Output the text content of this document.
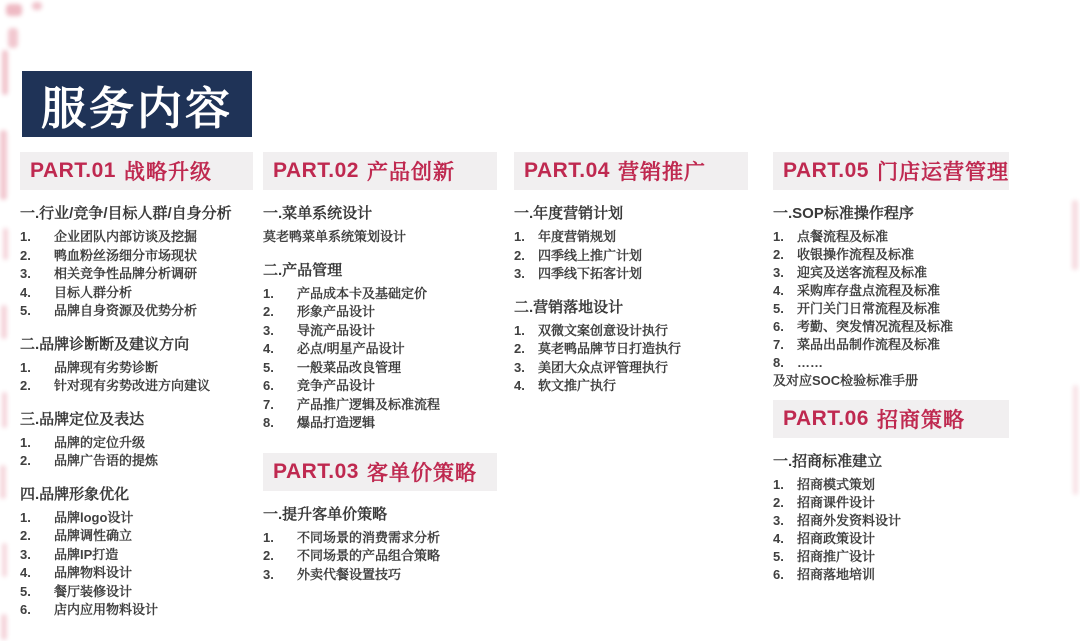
服务内容
PART.01 战略升级
一.行业/竞争/目标人群/自身分析
1.	企业团队内部访谈及挖掘
2.	鸭血粉丝汤细分市场现状
3.	相关竞争性品牌分析调研
4.	目标人群分析
5.	品牌自身资源及优势分析
二.品牌诊断断及建议方向
1.	品牌现有劣势诊断
2.	针对现有劣势改进方向建议
三.品牌定位及表达
1.	品牌的定位升级
2.	品牌广告语的提炼
四.品牌形象优化
1.	品牌logo设计
2.	品牌调性确立
3.	品牌IP打造
4.	品牌物料设计
5.	餐厅装修设计
6.	店内应用物料设计
PART.02 产品创新
一.菜单系统设计
莫老鸭菜单系统策划设计
二.产品管理
1.	产品成本卡及基础定价
2.	形象产品设计
3.	导流产品设计
4.	必点/明星产品设计
5.	一般菜品改良管理
6.	竞争产品设计
7.	产品推广逻辑及标准流程
8.	爆品打造逻辑
PART.03 客单价策略
一.提升客单价策略
1.	不同场景的消费需求分析
2.	不同场景的产品组合策略
3.	外卖代餐设置技巧
PART.04 营销推广
一.年度营销计划
1.	年度营销规划
2.	四季线上推广计划
3.	四季线下拓客计划
二.营销落地设计
1.	双微文案创意设计执行
2.	莫老鸭品牌节日打造执行
3.	美团大众点评管理执行
4.	软文推广执行
PART.05 门店运营管理
一.SOP标准操作程序
1.	点餐流程及标准
2.	收银操作流程及标准
3.	迎宾及送客流程及标准
4.	采购库存盘点流程及标准
5.	开门关门日常流程及标准
6.	考勤、突发情况流程及标准
7.	菜品出品制作流程及标准
8.	……
及对应SOC检验标准手册
PART.06 招商策略
一.招商标准建立
1.	招商模式策划
2.	招商课件设计
3.	招商外发资料设计
4.	招商政策设计
5.	招商推广设计
6.	招商落地培训
